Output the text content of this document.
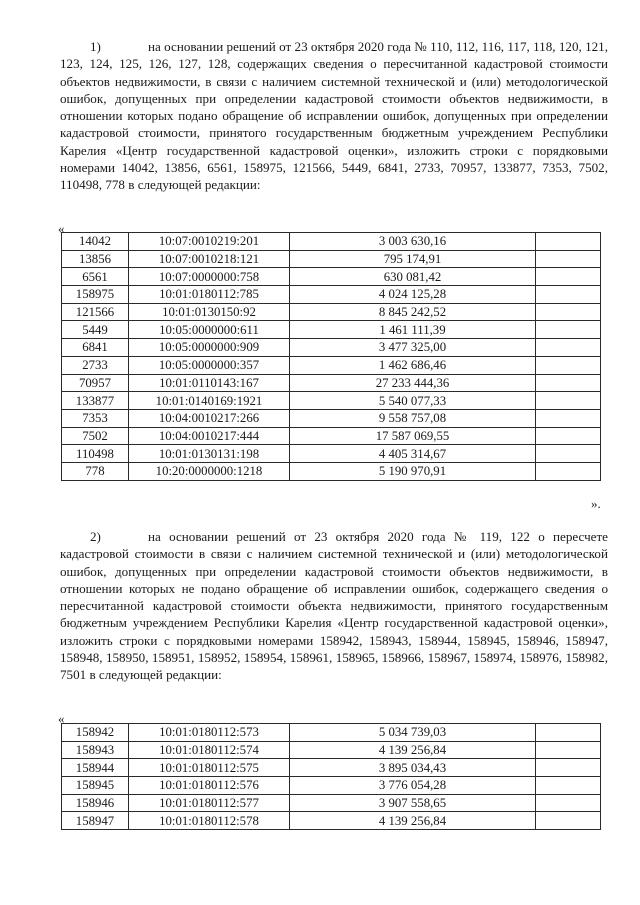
1)	на основании решений от 23 октября 2020 года № 110, 112, 116, 117, 118, 120, 121, 123, 124, 125, 126, 127, 128, содержащих сведения о пересчитанной кадастровой стоимости объектов недвижимости, в связи с наличием системной технической и (или) методологической ошибок, допущенных при определении кадастровой стоимости объектов недвижимости, в отношении которых подано обращение об исправлении ошибок, допущенных при определении кадастровой стоимости, принятого государственным бюджетным учреждением Республики Карелия «Центр государственной кадастровой оценки», изложить строки с порядковыми номерами 14042, 13856, 6561, 158975, 121566, 5449, 6841, 2733, 70957, 133877, 7353, 7502, 110498, 778 в следующей редакции:

«
14042	10:07:0010219:201	3 003 630,16	
13856	10:07:0010218:121	795 174,91	
6561	10:07:0000000:758	630 081,42	
158975	10:01:0180112:785	4 024 125,28	
121566	10:01:0130150:92	8 845 242,52	
5449	10:05:0000000:611	1 461 111,39	
6841	10:05:0000000:909	3 477 325,00	
2733	10:05:0000000:357	1 462 686,46	
70957	10:01:0110143:167	27 233 444,36	
133877	10:01:0140169:1921	5 540 077,33	
7353	10:04:0010217:266	9 558 757,08	
7502	10:04:0010217:444	17 587 069,55	
110498	10:01:0130131:198	4 405 314,67	
778	10:20:0000000:1218	5 190 970,91	
».

2)	на основании решений от 23 октября 2020 года № 119, 122 о пересчете кадастровой стоимости в связи с наличием системной технической и (или) методологической ошибок, допущенных при определении кадастровой стоимости объектов недвижимости, в отношении которых не подано обращение об исправлении ошибок, содержащего сведения о пересчитанной кадастровой стоимости объекта недвижимости, принятого государственным бюджетным учреждением Республики Карелия «Центр государственной кадастровой оценки», изложить строки с порядковыми номерами 158942, 158943, 158944, 158945, 158946, 158947, 158948, 158950, 158951, 158952, 158954, 158961, 158965, 158966, 158967, 158974, 158976, 158982, 7501 в следующей редакции:

«
158942	10:01:0180112:573	5 034 739,03	
158943	10:01:0180112:574	4 139 256,84	
158944	10:01:0180112:575	3 895 034,43	
158945	10:01:0180112:576	3 776 054,28	
158946	10:01:0180112:577	3 907 558,65	
158947	10:01:0180112:578	4 139 256,84	
